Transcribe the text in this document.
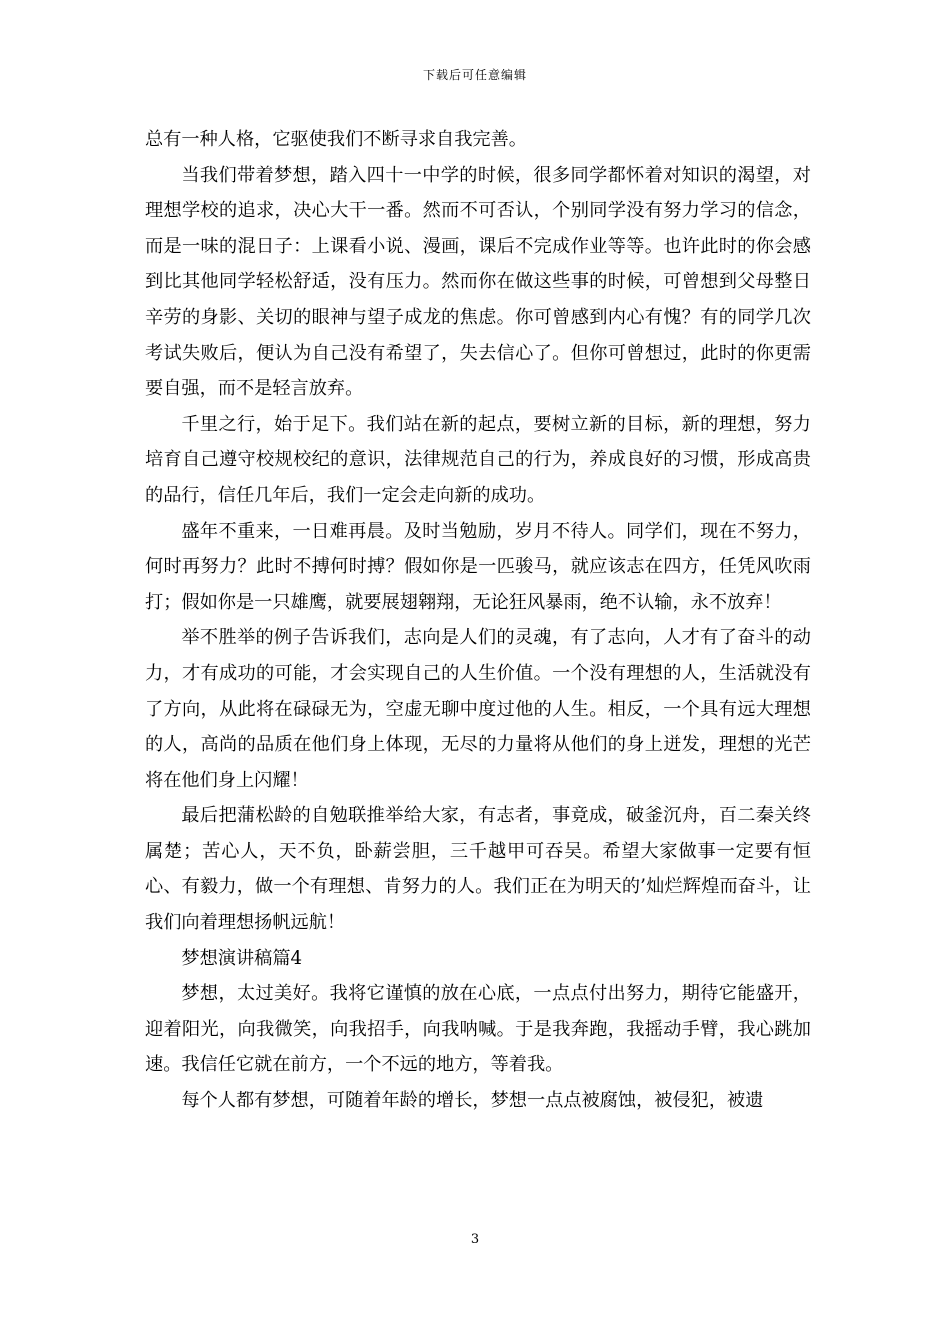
下载后可任意编辑

总有一种人格，它驱使我们不断寻求自我完善。

当我们带着梦想，踏入四十一中学的时候，很多同学都怀着对知识的渴望，对理想学校的追求，决心大干一番。然而不可否认，个别同学没有努力学习的信念，而是一味的混日子：上课看小说、漫画，课后不完成作业等等。也许此时的你会感到比其他同学轻松舒适，没有压力。然而你在做这些事的时候，可曾想到父母整日辛劳的身影、关切的眼神与望子成龙的焦虑。你可曾感到内心有愧？有的同学几次考试失败后，便认为自己没有希望了，失去信心了。但你可曾想过，此时的你更需要自强，而不是轻言放弃。

千里之行，始于足下。我们站在新的起点，要树立新的目标，新的理想，努力培育自己遵守校规校纪的意识，法律规范自己的行为，养成良好的习惯，形成高贵的品行，信任几年后，我们一定会走向新的成功。

盛年不重来，一日难再晨。及时当勉励，岁月不待人。同学们，现在不努力，何时再努力？此时不搏何时搏？假如你是一匹骏马，就应该志在四方，任凭风吹雨打；假如你是一只雄鹰，就要展翅翱翔，无论狂风暴雨，绝不认输，永不放弃！

举不胜举的例子告诉我们，志向是人们的灵魂，有了志向，人才有了奋斗的动力，才有成功的可能，才会实现自己的人生价值。一个没有理想的人，生活就没有了方向，从此将在碌碌无为，空虚无聊中度过他的人生。相反，一个具有远大理想的人，高尚的品质在他们身上体现，无尽的力量将从他们的身上迸发，理想的光芒将在他们身上闪耀！

最后把蒲松龄的自勉联推举给大家，有志者，事竟成，破釜沉舟，百二秦关终属楚；苦心人，天不负，卧薪尝胆，三千越甲可吞吴。希望大家做事一定要有恒心、有毅力，做一个有理想、肯努力的人。我们正在为明天的’灿烂辉煌而奋斗，让我们向着理想扬帆远航！

梦想演讲稿篇4

梦想，太过美好。我将它谨慎的放在心底，一点点付出努力，期待它能盛开，迎着阳光，向我微笑，向我招手，向我呐喊。于是我奔跑，我摇动手臂，我心跳加速。我信任它就在前方，一个不远的地方，等着我。

每个人都有梦想，可随着年龄的增长，梦想一点点被腐蚀，被侵犯，被遗

3
